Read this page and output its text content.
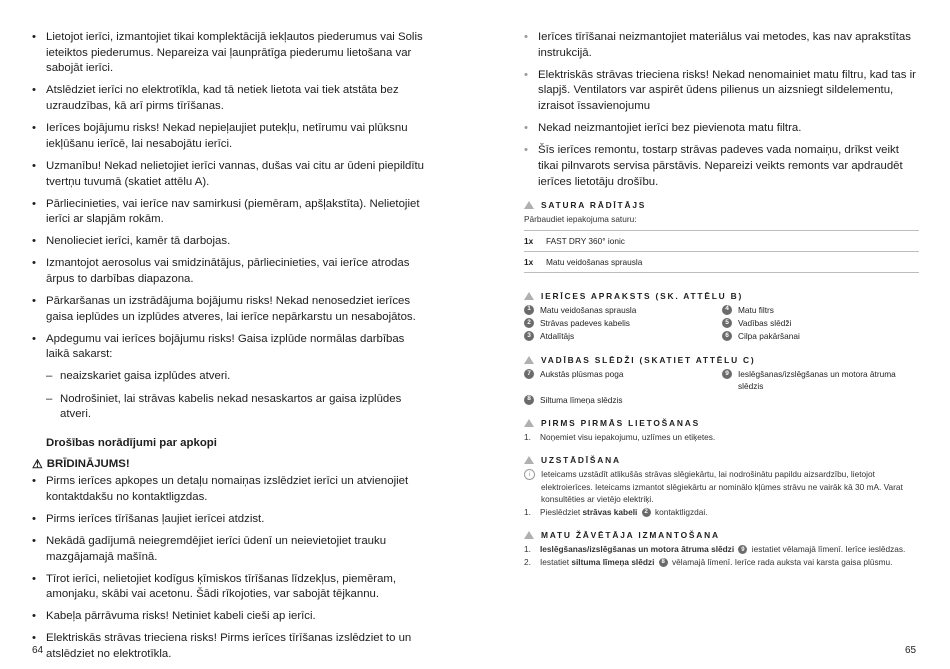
• Lietojot ierīci, izmantojiet tikai komplektācijā iekļautos piederumus vai Solis ieteiktos piederumus. Nepareiza vai ļaunprātīga piederumu lietošana var sabojāt ierīci.
• Atslēdziet ierīci no elektrotīkla, kad tā netiek lietota vai tiek atstāta bez uzraudzības, kā arī pirms tīrīšanas.
• Ierīces bojājumu risks! Nekad nepieļaujiet putekļu, netīrumu vai plūksnu iekļūšanu ierīcē, lai nesabojātu ierīci.
• Uzmanību! Nekad nelietojiet ierīci vannas, dušas vai citu ar ūdeni piepildītu tvertņu tuvumā (skatiet attēlu A).
• Pārliecinieties, vai ierīce nav samirkusi (piemēram, apšļakstīta). Nelietojiet ierīci ar slapjām rokām.
• Nenolieciet ierīci, kamēr tā darbojas.
• Izmantojot aerosolus vai smidzinātājus, pārliecinieties, vai ierīce atrodas ārpus to darbības diapazona.
• Pārkaršanas un izstrādājuma bojājumu risks! Nekad nenosedziet ierīces gaisa ieplūdes un izplūdes atveres, lai ierīce nepārkarstu un nesabojātos.
• Apdegumu vai ierīces bojājumu risks! Gaisa izplūde normālas darbības laikā sakarst:
– neaizskariet gaisa izplūdes atveri.
– Nodrošiniet, lai strāvas kabelis nekad nesaskartos ar gaisa izplūdes atveri.
Drošības norādījumi par apkopi
⚠ BRĪDINĀJUMS!
• Pirms ierīces apkopes un detaļu nomaiņas izslēdziet ierīci un atvienojiet kontaktdakšu no kontaktligzdas.
• Pirms ierīces tīrīšanas ļaujiet ierīcei atdzist.
• Nekādā gadījumā neiegremdējiet ierīci ūdenī un neievietojiet trauku mazgājamajā mašīnā.
• Tīrot ierīci, nelietojiet kodīgus ķīmiskos tīrīšanas līdzekļus, piemēram, amonjaku, skābi vai acetonu. Šādi rīkojoties, var sabojāt tējkannu.
• Kabeļa pārrāvuma risks! Netiniet kabeli cieši ap ierīci.
• Elektriskās strāvas trieciena risks! Pirms ierīces tīrīšanas izslēdziet to un atslēdziet no elektrotīkla.
64
• Ierīces tīrīšanai neizmantojiet materiālus vai metodes, kas nav aprakstītas instrukcijā.
• Elektriskās strāvas trieciena risks! Nekad nenomainiet matu filtru, kad tas ir slapjš. Ventilators var aspirēt ūdens pilienus un aizsniegt sildelementu, izraisot īssavienojumu
• Nekad neizmantojiet ierīci bez pievienota matu filtra.
• Šīs ierīces remontu, tostarp strāvas padeves vada nomaiņu, drīkst veikt tikai pilnvarots servisa pārstāvis. Nepareizi veikts remonts var apdraudēt ierīces lietotāju drošību.
SATURA RĀDĪTĀJS
Pārbaudiet iepakojuma saturu:
1x	FAST DRY 360° ionic
1x	Matu veidošanas sprausla
IERĪCES APRAKSTS (SK. ATTĒLU B)
1	Matu veidošanas sprausla	4	Matu filtrs
2	Strāvas padeves kabelis	5	Vadības slēdži
3	Atdalītājs	6	Cilpa pakāršanai
VADĪBAS SLĒDŽI (SKATIET ATTĒLU C)
7	Aukstās plūsmas poga	9	Ieslēgšanas/izslēgšanas un motora ātruma slēdzis
8	Siltuma līmeņa slēdzis
PIRMS PIRMĀS LIETOŠANAS
1.	Noņemiet visu iepakojumu, uzlīmes un etiķetes.
UZSTĀDĪŠANA
i	Ieteicams uzstādīt atlikušās strāvas slēgiekārtu, lai nodrošinātu papildu aizsardzību, lietojot elektroierīces. Ieteicams izmantot slēgiekārtu ar nominālo kļūmes strāvu ne vairāk kā 30 mA. Varat konsultēties ar vietējo elektriķi.
1.	Pieslēdziet strāvas kabeli 2 kontaktligzdai.
MATU ŽĀVĒTĀJA IZMANTOŠANA
1.	Ieslēgšanas/izslēgšanas un motora ātruma slēdzi 9 iestatiet vēlamajā līmenī. Ierīce ieslēdzas.
2.	Iestatiet siltuma līmeņa slēdzi 8 vēlamajā līmenī. Ierīce rada auksta vai karsta gaisa plūsmu.
65
